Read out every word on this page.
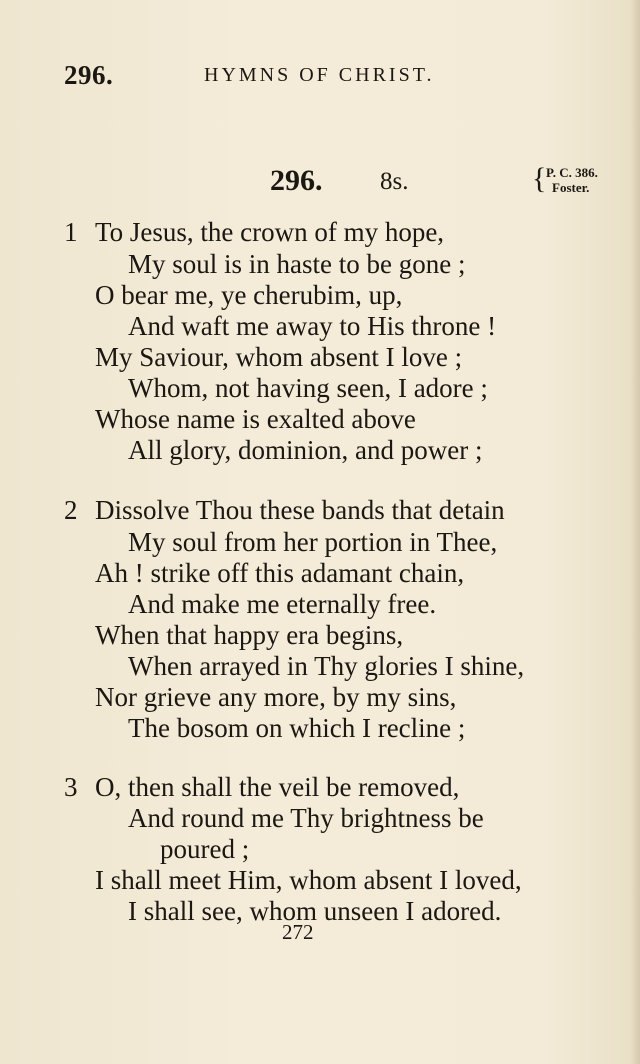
296.	HYMNS OF CHRIST.
296. 8s.	{ P. C. 386.
Foster.
1 To Jesus, the crown of my hope,
My soul is in haste to be gone ;
O bear me, ye cherubim, up,
And waft me away to His throne !
My Saviour, whom absent I love ;
Whom, not having seen, I adore ;
Whose name is exalted above
All glory, dominion, and power ;
2 Dissolve Thou these bands that detain
My soul from her portion in Thee,
Ah ! strike off this adamant chain,
And make me eternally free.
When that happy era begins,
When arrayed in Thy glories I shine,
Nor grieve any more, by my sins,
The bosom on which I recline ;
3 O, then shall the veil be removed,
And round me Thy brightness be
poured ;
I shall meet Him, whom absent I loved,
I shall see, whom unseen I adored.
272
